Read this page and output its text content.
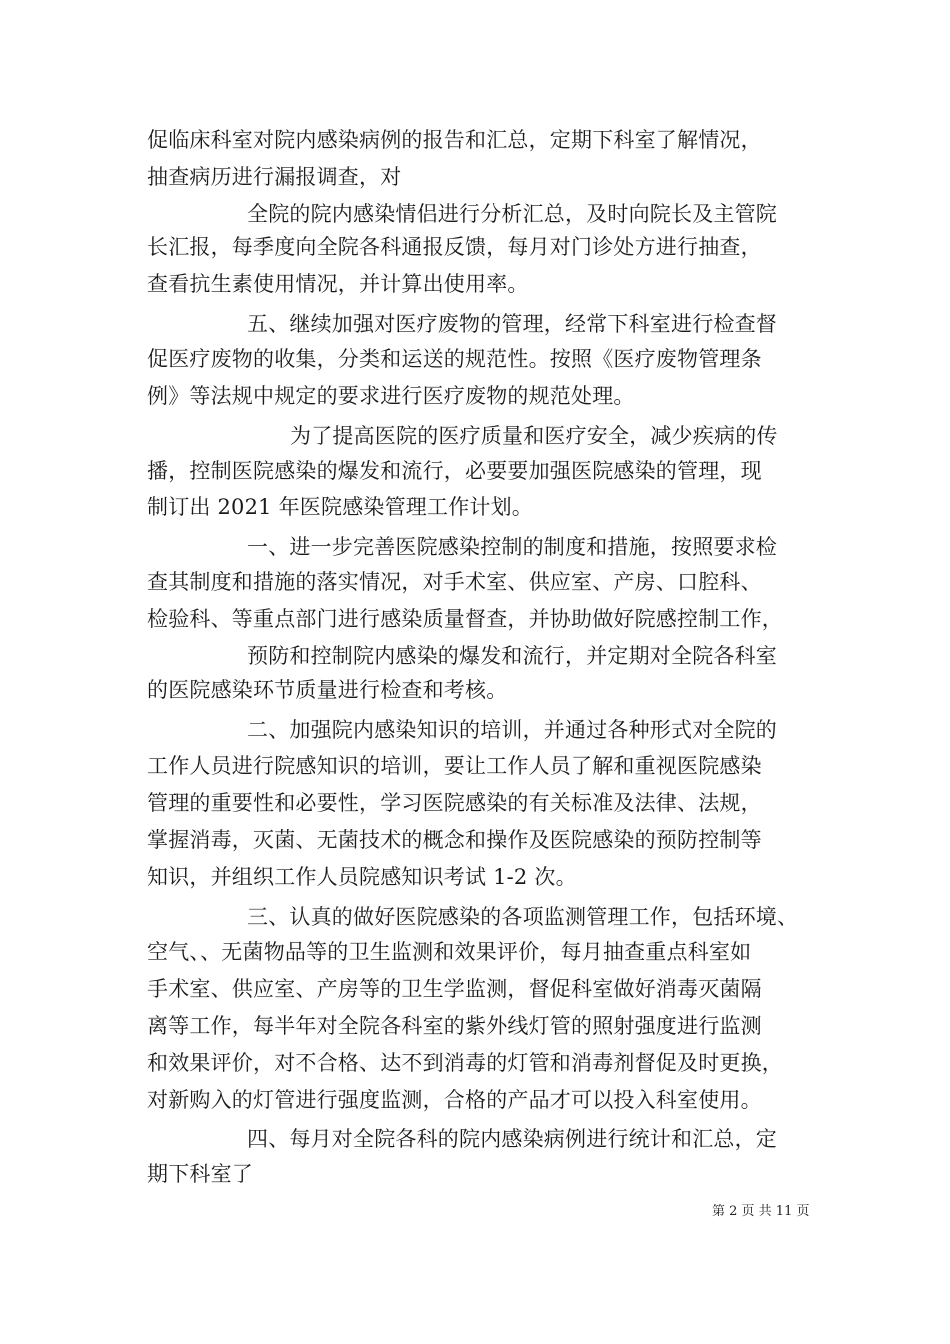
促临床科室对院内感染病例的报告和汇总，定期下科室了解情况，
抽查病历进行漏报调查，对
全院的院内感染情侣进行分析汇总，及时向院长及主管院
长汇报，每季度向全院各科通报反馈，每月对门诊处方进行抽查，
查看抗生素使用情况，并计算出使用率。
五、继续加强对医疗废物的管理，经常下科室进行检查督
促医疗废物的收集，分类和运送的规范性。按照《医疗废物管理条
例》等法规中规定的要求进行医疗废物的规范处理。
为了提高医院的医疗质量和医疗安全，减少疾病的传
播，控制医院感染的爆发和流行，必要要加强医院感染的管理，现
制订出 2021 年医院感染管理工作计划。
一、进一步完善医院感染控制的制度和措施，按照要求检
查其制度和措施的落实情况，对手术室、供应室、产房、口腔科、
检验科、等重点部门进行感染质量督查，并协助做好院感控制工作，
预防和控制院内感染的爆发和流行，并定期对全院各科室
的医院感染环节质量进行检查和考核。
二、加强院内感染知识的培训，并通过各种形式对全院的
工作人员进行院感知识的培训，要让工作人员了解和重视医院感染
管理的重要性和必要性，学习医院感染的有关标准及法律、法规，
掌握消毒，灭菌、无菌技术的概念和操作及医院感染的预防控制等
知识，并组织工作人员院感知识考试 1-2 次。
三、认真的做好医院感染的各项监测管理工作，包括环境、
空气、、无菌物品等的卫生监测和效果评价，每月抽查重点科室如
手术室、供应室、产房等的卫生学监测，督促科室做好消毒灭菌隔
离等工作，每半年对全院各科室的紫外线灯管的照射强度进行监测
和效果评价，对不合格、达不到消毒的灯管和消毒剂督促及时更换，
对新购入的灯管进行强度监测，合格的产品才可以投入科室使用。
四、每月对全院各科的院内感染病例进行统计和汇总，定
期下科室了
第 2 页 共 11 页
